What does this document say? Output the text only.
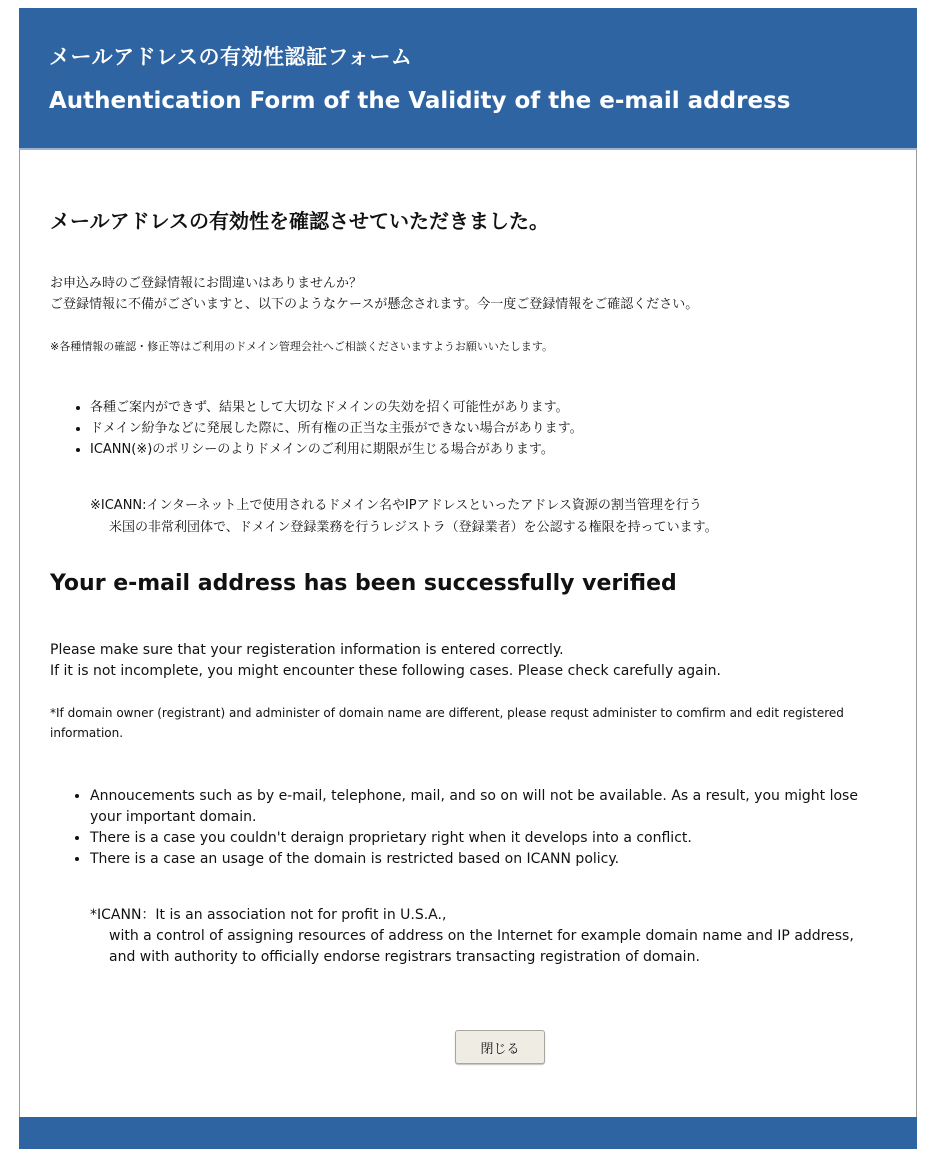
メールアドレスの有効性認証フォーム
Authentication Form of the Validity of the e-mail address
メールアドレスの有効性を確認させていただきました。

お申込み時のご登録情報にお間違いはありませんか？
ご登録情報に不備がございますと、以下のようなケースが懸念されます。今一度ご登録情報をご確認ください。

※各種情報の確認・修正等はご利用のドメイン管理会社へご相談くださいますようお願いいたします。

• 各種ご案内ができず、結果として大切なドメインの失効を招く可能性があります。
• ドメイン紛争などに発展した際に、所有権の正当な主張ができない場合があります。
• ICANN(※)のポリシーのよりドメインのご利用に期限が生じる場合があります。

※ICANN:インターネット上で使用されるドメイン名やIPアドレスといったアドレス資源の割当管理を行う
米国の非常利団体で、ドメイン登録業務を行うレジストラ（登録業者）を公認する権限を持っています。

Your e-mail address has been successfully verified

Please make sure that your registeration information is entered correctly.
If it is not incomplete, you might encounter these following cases. Please check carefully again.

*If domain owner (registrant) and administer of domain name are different, please requst administer to comfirm and edit registered information.

• Annoucements such as by e-mail, telephone, mail, and so on will not be available. As a result, you might lose your important domain.
• There is a case you couldn't deraign proprietary right when it develops into a conflict.
• There is a case an usage of the domain is restricted based on ICANN policy.

*ICANN：It is an association not for profit in U.S.A.,
with a control of assigning resources of address on the Internet for example domain name and IP address,
and with authority to officially endorse registrars transacting registration of domain.

閉じる
